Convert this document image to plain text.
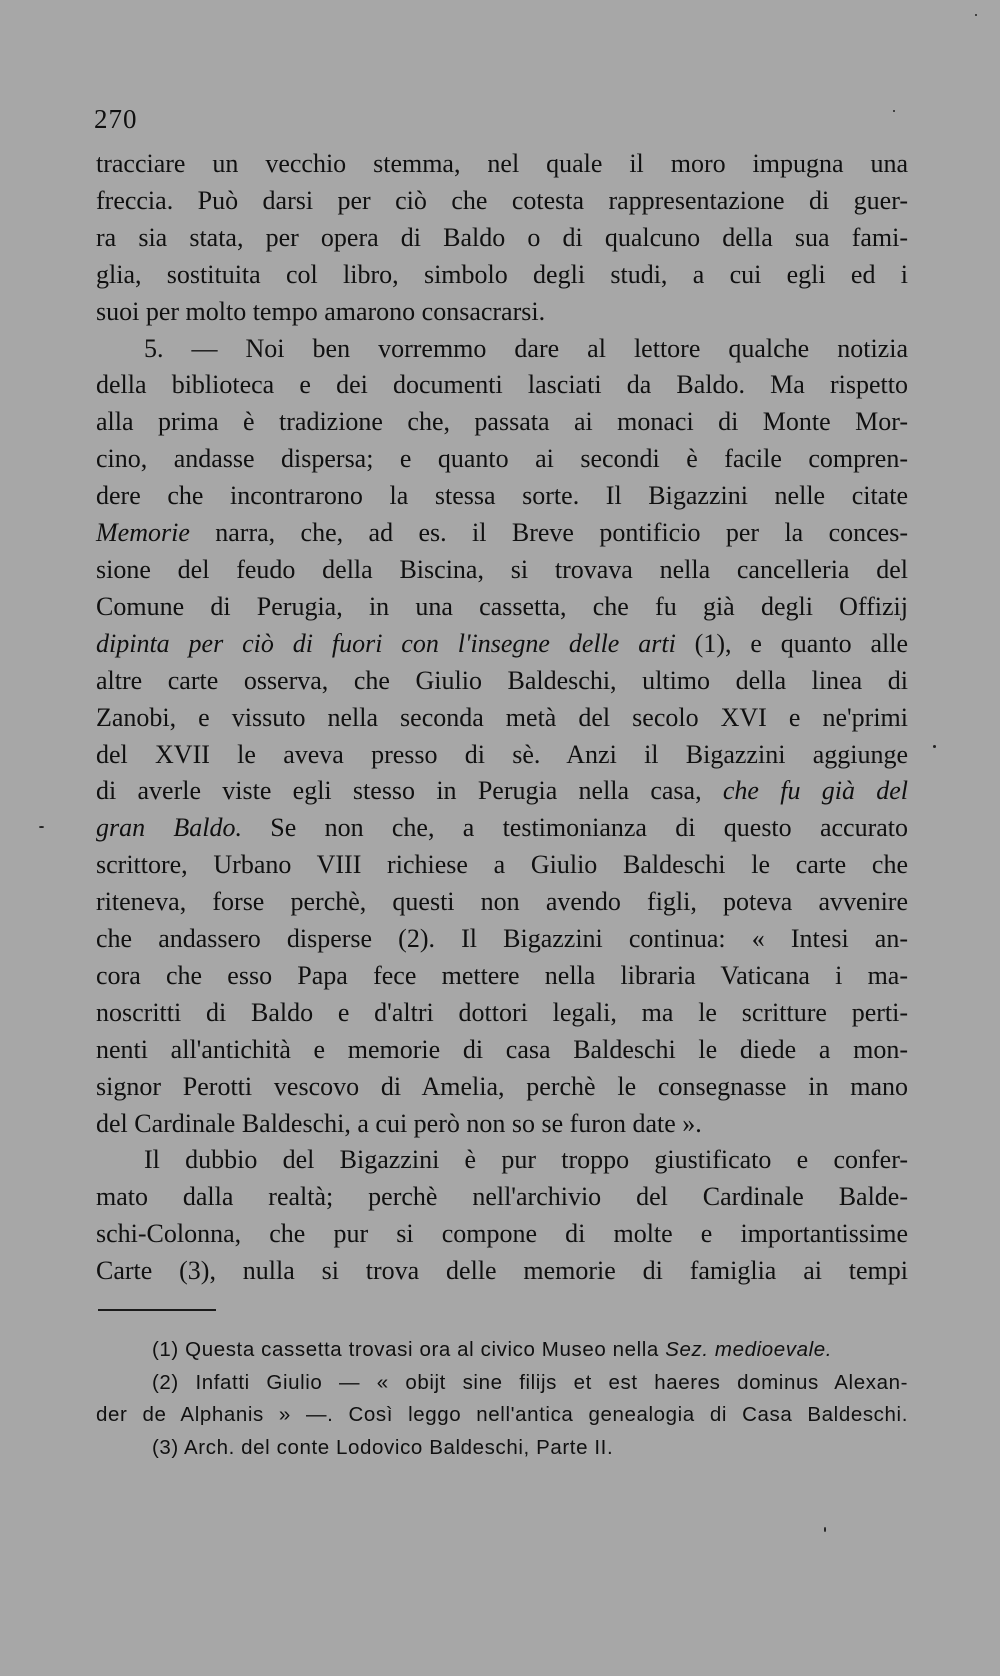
270
tracciare un vecchio stemma, nel quale il moro impugna una
freccia. Può darsi per ciò che cotesta rappresentazione di guer-
ra sia stata, per opera di Baldo o di qualcuno della sua fami-
glia, sostituita col libro, simbolo degli studi, a cui egli ed i
suoi per molto tempo amarono consacrarsi.
5. — Noi ben vorremmo dare al lettore qualche notizia
della biblioteca e dei documenti lasciati da Baldo. Ma rispetto
alla prima è tradizione che, passata ai monaci di Monte Mor-
cino, andasse dispersa; e quanto ai secondi è facile compren-
dere che incontrarono la stessa sorte. Il Bigazzini nelle citate
Memorie narra, che, ad es. il Breve pontificio per la conces-
sione del feudo della Biscina, si trovava nella cancelleria del
Comune di Perugia, in una cassetta, che fu già degli Offizij
dipinta per ciò di fuori con l'insegne delle arti (1), e quanto alle
altre carte osserva, che Giulio Baldeschi, ultimo della linea di
Zanobi, e vissuto nella seconda metà del secolo XVI e ne'primi
del XVII le aveva presso di sè. Anzi il Bigazzini aggiunge
di averle viste egli stesso in Perugia nella casa, che fu già del
gran Baldo. Se non che, a testimonianza di questo accurato
scrittore, Urbano VIII richiese a Giulio Baldeschi le carte che
riteneva, forse perchè, questi non avendo figli, poteva avvenire
che andassero disperse (2). Il Bigazzini continua: « Intesi an-
cora che esso Papa fece mettere nella libraria Vaticana i ma-
noscritti di Baldo e d'altri dottori legali, ma le scritture perti-
nenti all'antichità e memorie di casa Baldeschi le diede a mon-
signor Perotti vescovo di Amelia, perchè le consegnasse in mano
del Cardinale Baldeschi, a cui però non so se furon date ».
Il dubbio del Bigazzini è pur troppo giustificato e confer-
mato dalla realtà; perchè nell'archivio del Cardinale Balde-
schi-Colonna, che pur si compone di molte e importantissime
Carte (3), nulla si trova delle memorie di famiglia ai tempi
(1) Questa cassetta trovasi ora al civico Museo nella Sez. medioevale.
(2) Infatti Giulio — « obijt sine filijs et est haeres dominus Alexan-
der de Alphanis » —. Così leggo nell'antica genealogia di Casa Baldeschi.
(3) Arch. del conte Lodovico Baldeschi, Parte II.
